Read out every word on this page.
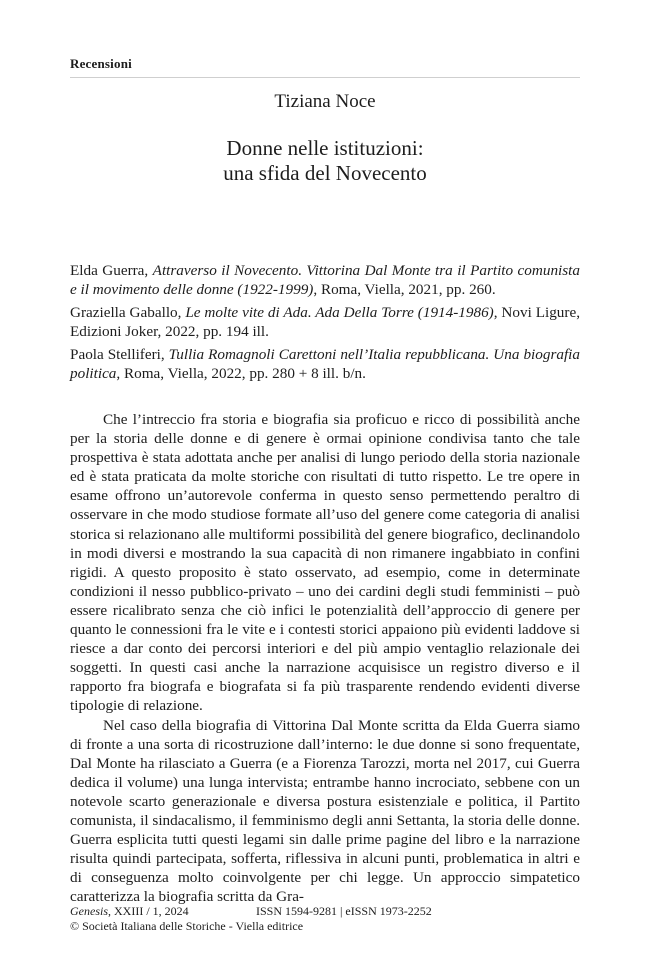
Recensioni
Tiziana Noce
Donne nelle istituzioni:
una sfida del Novecento

Elda Guerra, Attraverso il Novecento. Vittorina Dal Monte tra il Partito comunista e il movimento delle donne (1922-1999), Roma, Viella, 2021, pp. 260.

Graziella Gaballo, Le molte vite di Ada. Ada Della Torre (1914-1986), Novi Ligure, Edizioni Joker, 2022, pp. 194 ill.

Paola Stelliferi, Tullia Romagnoli Carettoni nell’Italia repubblicana. Una biografia politica, Roma, Viella, 2022, pp. 280 + 8 ill. b/n.

Che l’intreccio fra storia e biografia sia proficuo e ricco di possibilità anche per la storia delle donne e di genere è ormai opinione condivisa tanto che tale prospettiva è stata adottata anche per analisi di lungo periodo della storia nazionale ed è stata praticata da molte storiche con risultati di tutto rispetto. Le tre opere in esame offrono un’autorevole conferma in questo senso permettendo peraltro di osservare in che modo studiose formate all’uso del genere come categoria di analisi storica si relazionano alle multiformi possibilità del genere biografico, declinandolo in modi diversi e mostrando la sua capacità di non rimanere ingabbiato in confini rigidi. A questo proposito è stato osservato, ad esempio, come in determinate condizioni il nesso pubblico-privato – uno dei cardini degli studi femministi – può essere ricalibrato senza che ciò infici le potenzialità dell’approccio di genere per quanto le connessioni fra le vite e i contesti storici appaiono più evidenti laddove si riesce a dar conto dei percorsi interiori e del più ampio ventaglio relazionale dei soggetti. In questi casi anche la narrazione acquisisce un registro diverso e il rapporto fra biografa e biografata si fa più trasparente rendendo evidenti diverse tipologie di relazione.

Nel caso della biografia di Vittorina Dal Monte scritta da Elda Guerra siamo di fronte a una sorta di ricostruzione dall’interno: le due donne si sono frequentate, Dal Monte ha rilasciato a Guerra (e a Fiorenza Tarozzi, morta nel 2017, cui Guerra dedica il volume) una lunga intervista; entrambe hanno incrociato, sebbene con un notevole scarto generazionale e diversa postura esistenziale e politica, il Partito comunista, il sindacalismo, il femminismo degli anni Settanta, la storia delle donne. Guerra esplicita tutti questi legami sin dalle prime pagine del libro e la narrazione risulta quindi partecipata, sofferta, riflessiva in alcuni punti, problematica in altri e di conseguenza molto coinvolgente per chi legge. Un approccio simpatetico caratterizza la biografia scritta da Gra-

Genesis, XXIII / 1, 2024	ISSN 1594-9281 | eISSN 1973-2252
© Società Italiana delle Storiche - Viella editrice
